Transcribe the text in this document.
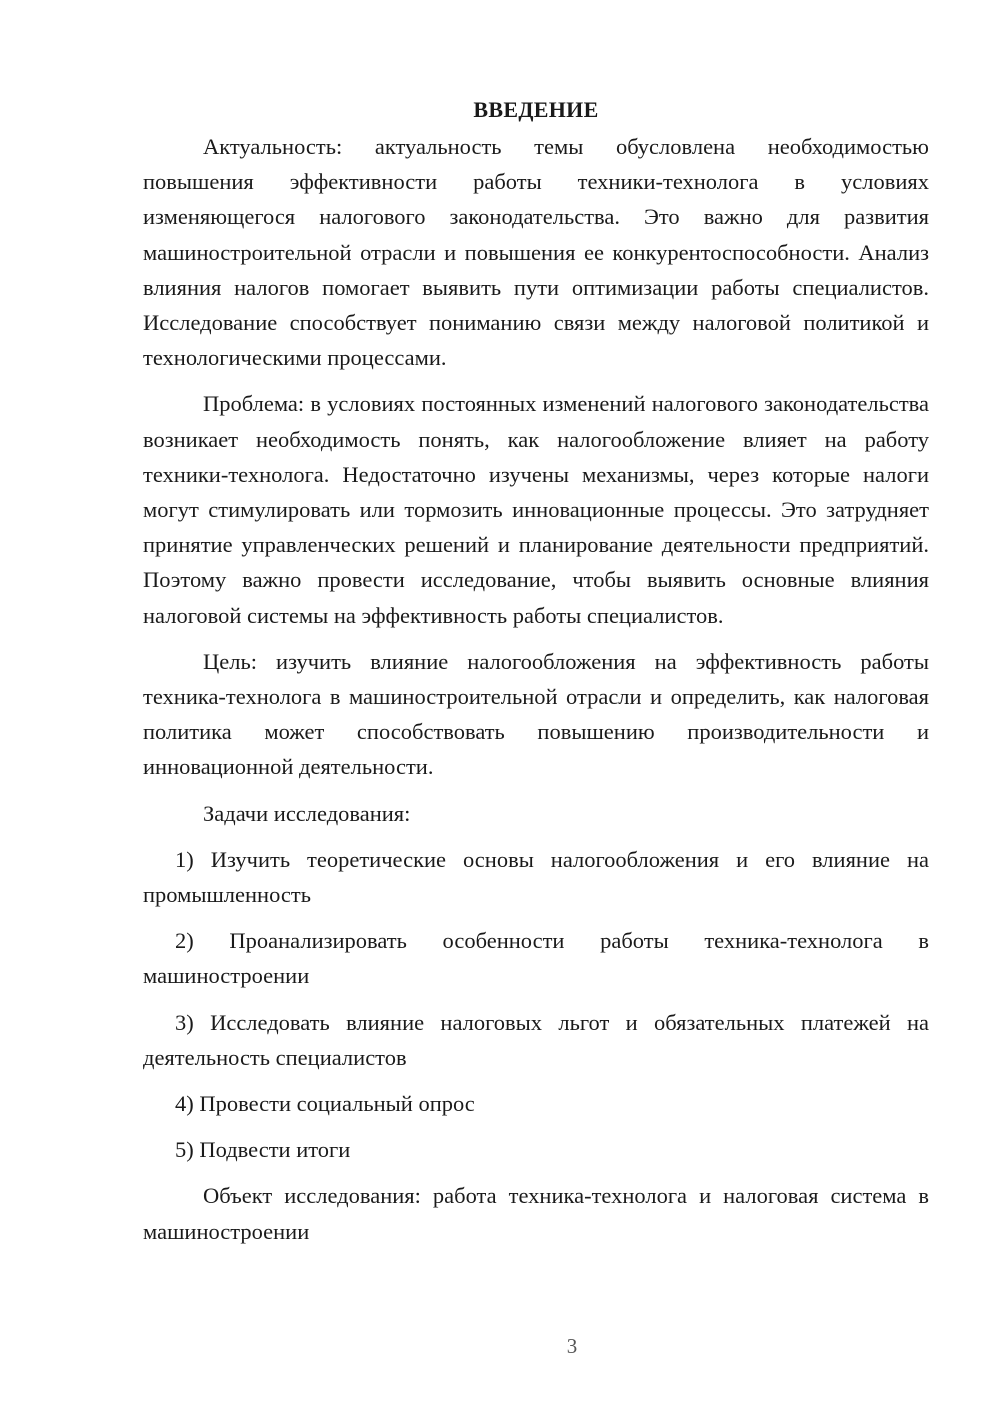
ВВЕДЕНИЕ

Актуальность: актуальность темы обусловлена необходимостью повышения эффективности работы техники-технолога в условиях изменяющегося налогового законодательства. Это важно для развития машиностроительной отрасли и повышения ее конкурентоспособности. Анализ влияния налогов помогает выявить пути оптимизации работы специалистов. Исследование способствует пониманию связи между налоговой политикой и технологическими процессами.

Проблема: в условиях постоянных изменений налогового законодательства возникает необходимость понять, как налогообложение влияет на работу техники-технолога. Недостаточно изучены механизмы, через которые налоги могут стимулировать или тормозить инновационные процессы. Это затрудняет принятие управленческих решений и планирование деятельности предприятий. Поэтому важно провести исследование, чтобы выявить основные влияния налоговой системы на эффективность работы специалистов.

Цель: изучить влияние налогообложения на эффективность работы техника-технолога в машиностроительной отрасли и определить, как налоговая политика может способствовать повышению производительности и инновационной деятельности.

Задачи исследования:

1) Изучить теоретические основы налогообложения и его влияние на промышленность

2) Проанализировать особенности работы техника-технолога в машиностроении

3) Исследовать влияние налоговых льгот и обязательных платежей на деятельность специалистов

4) Провести социальный опрос

5) Подвести итоги

Объект исследования: работа техника-технолога и налоговая система в машиностроении

3
